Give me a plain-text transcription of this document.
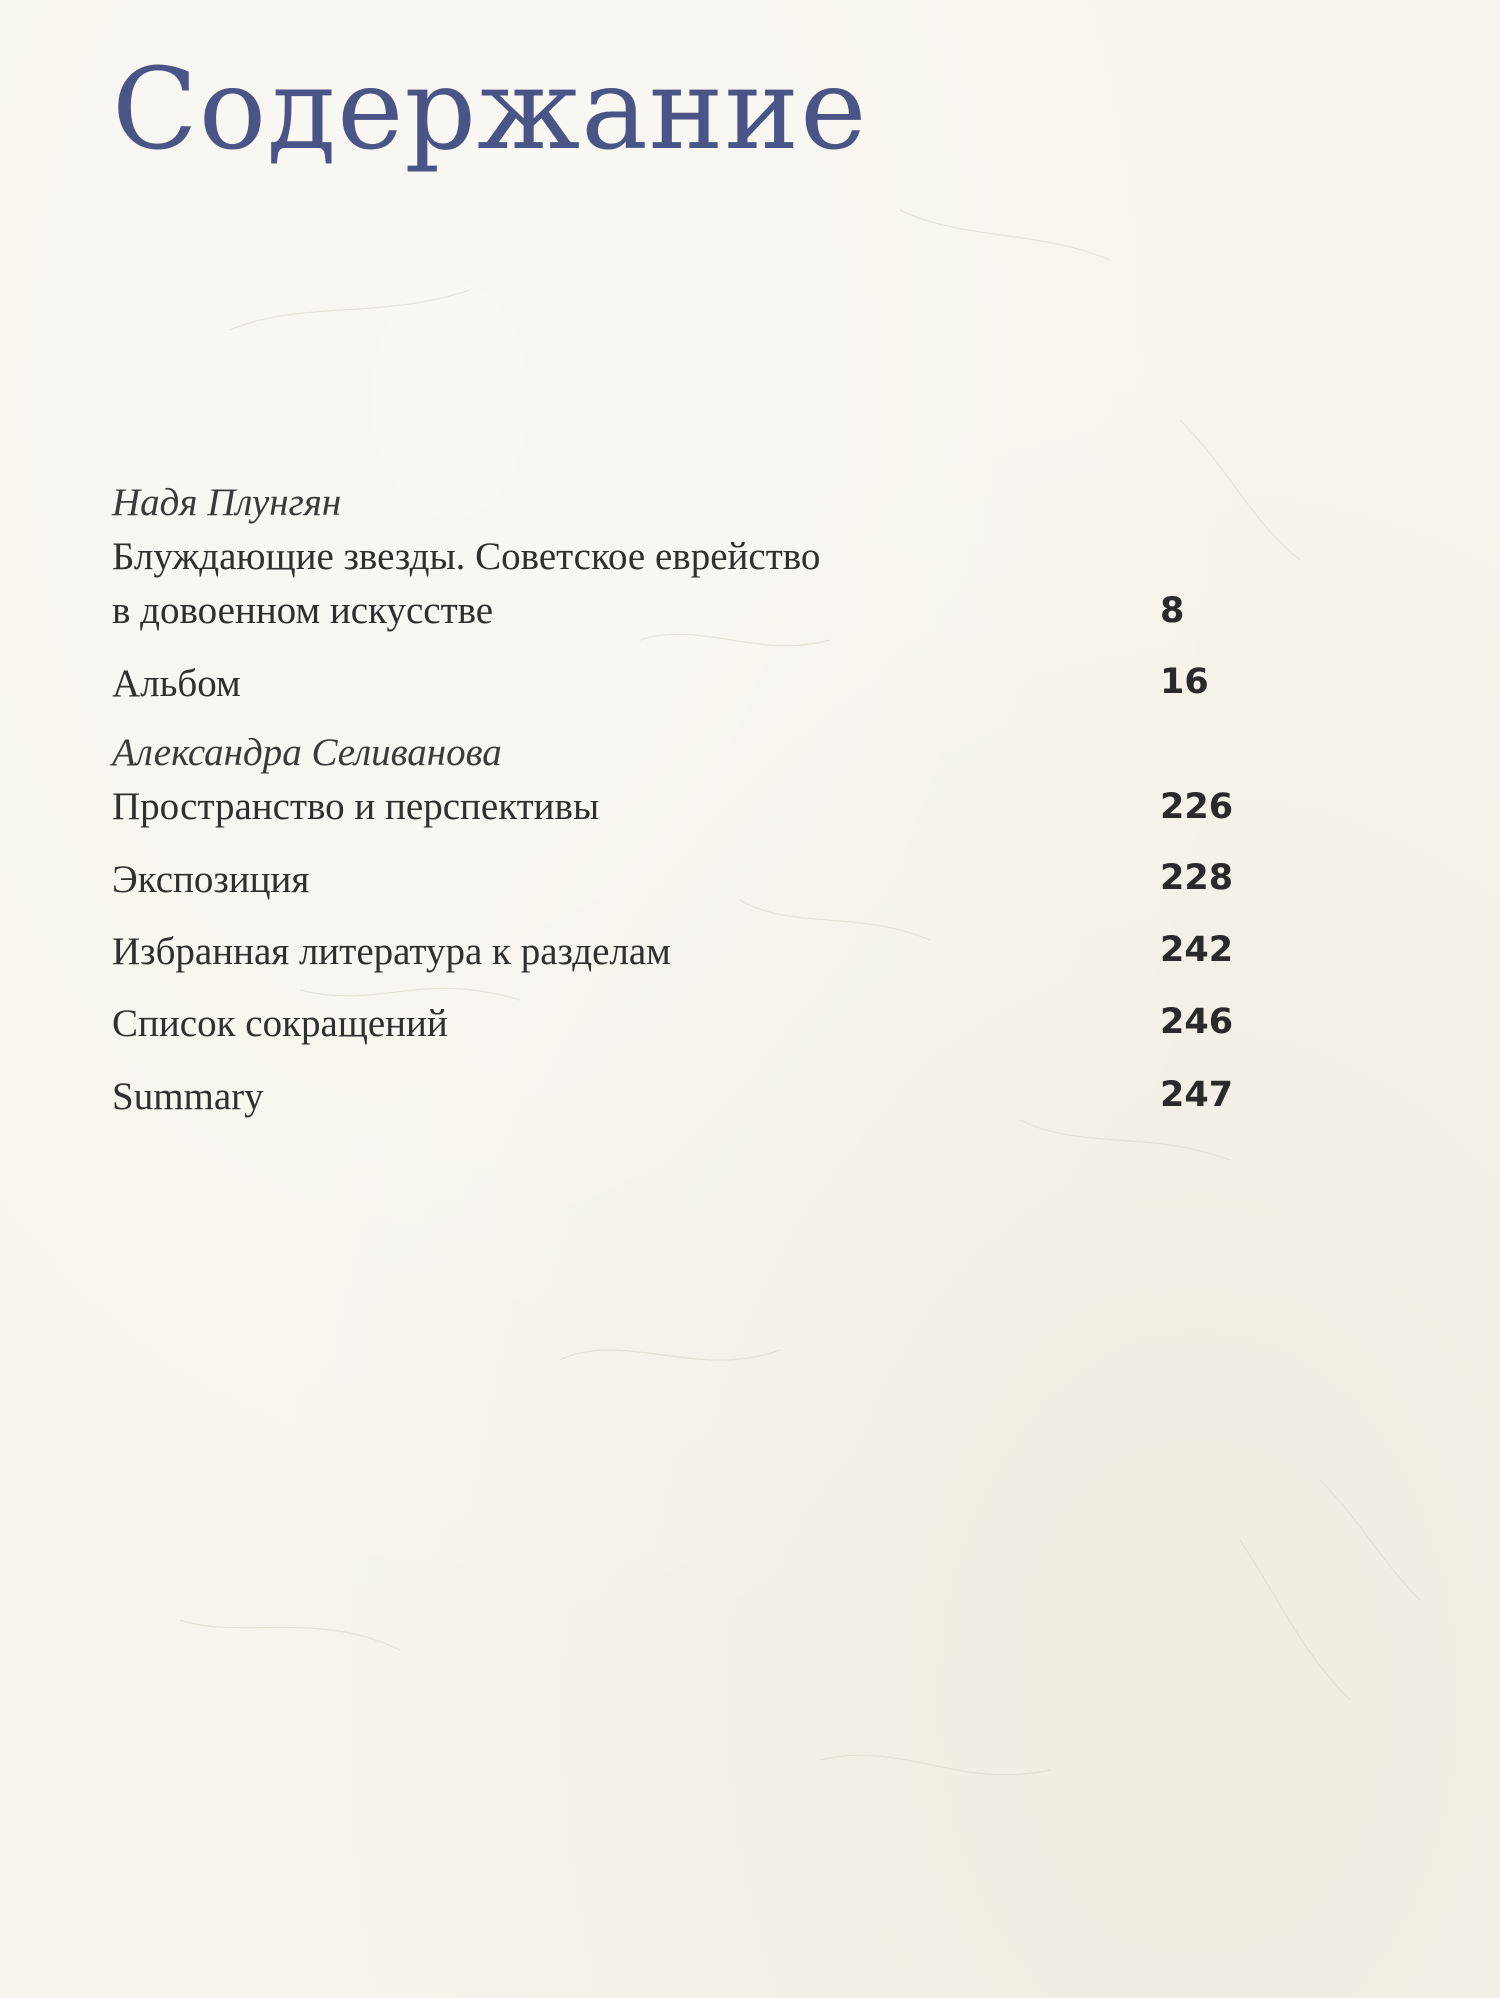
Содержание
Надя Плунгян
Блуждающие звезды. Советское еврейство
в довоенном искусстве	8
Альбом	16
Александра Селиванова
Пространство и перспективы	226
Экспозиция	228
Избранная литература к разделам	242
Список сокращений	246
Summary	247
